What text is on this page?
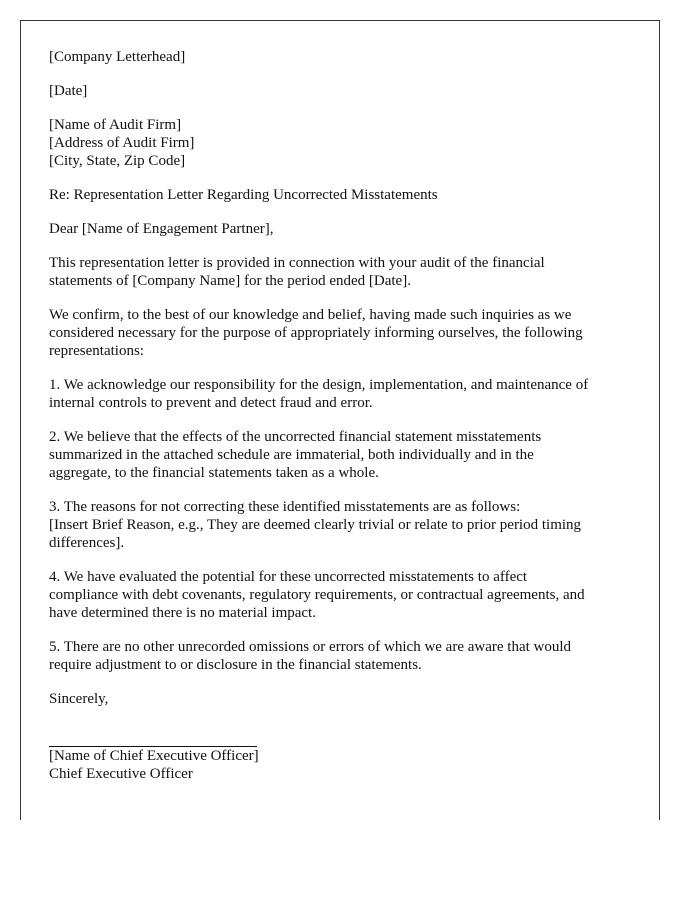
[Company Letterhead]
[Date]
[Name of Audit Firm]
[Address of Audit Firm]
[City, State, Zip Code]
Re: Representation Letter Regarding Uncorrected Misstatements
Dear [Name of Engagement Partner],
This representation letter is provided in connection with your audit of the financial
statements of [Company Name] for the period ended [Date].
We confirm, to the best of our knowledge and belief, having made such inquiries as we
considered necessary for the purpose of appropriately informing ourselves, the following
representations:
1. We acknowledge our responsibility for the design, implementation, and maintenance of
internal controls to prevent and detect fraud and error.
2. We believe that the effects of the uncorrected financial statement misstatements
summarized in the attached schedule are immaterial, both individually and in the
aggregate, to the financial statements taken as a whole.
3. The reasons for not correcting these identified misstatements are as follows:
[Insert Brief Reason, e.g., They are deemed clearly trivial or relate to prior period timing
differences].
4. We have evaluated the potential for these uncorrected misstatements to affect
compliance with debt covenants, regulatory requirements, or contractual agreements, and
have determined there is no material impact.
5. There are no other unrecorded omissions or errors of which we are aware that would
require adjustment to or disclosure in the financial statements.
Sincerely,
[Name of Chief Executive Officer]
Chief Executive Officer
